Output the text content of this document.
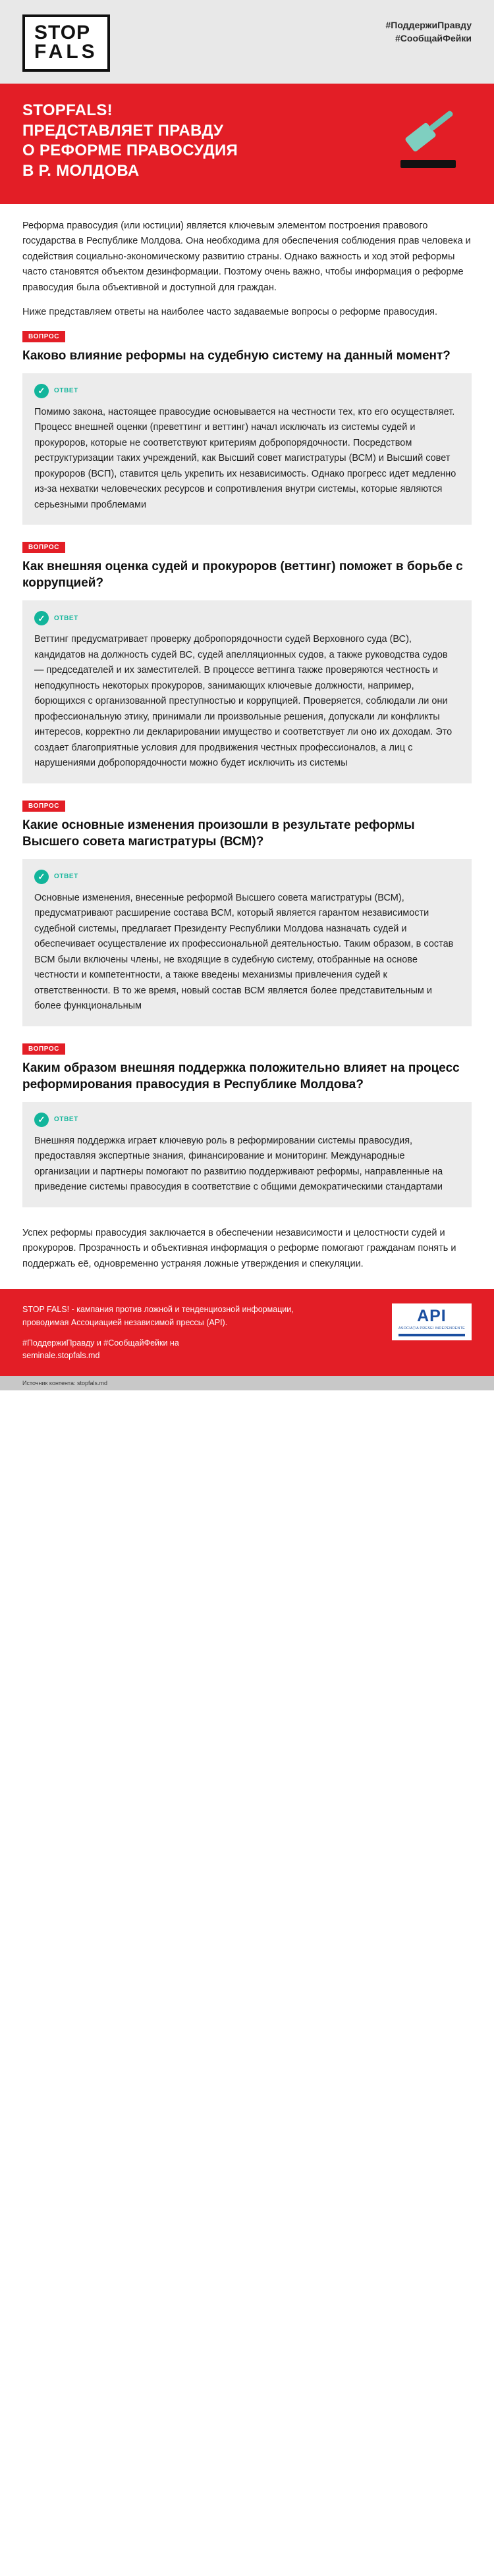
STOP
FALS
#ПоддержиПравду
#СообщайФейки
STOPFALS!
ПРЕДСТАВЛЯЕТ ПРАВДУ
О РЕФОРМЕ ПРАВОСУДИЯ
В Р. МОЛДОВА

Реформа правосудия (или юстиции) является ключевым элементом построения правового государства в Республике Молдова. Она необходима для обеспечения соблюдения прав человека и содействия социально-экономическому развитию страны. Однако важность и ход этой реформы часто становятся объектом дезинформации. Поэтому очень важно, чтобы информация о реформе правосудия была объективной и доступной для граждан.

Ниже представляем ответы на наиболее часто задаваемые вопросы о реформе правосудия.

ВОПРОС
Каково влияние реформы на судебную систему на данный момент?
✓	ОТВЕТ
Помимо закона, настоящее правосудие основывается на честности тех, кто его осуществляет. Процесс внешней оценки (преветтинг и веттинг) начал исключать из системы судей и прокуроров, которые не соответствуют критериям добропорядочности. Посредством реструктуризации таких учреждений, как Высший совет магистратуры (ВСМ) и Высший совет прокуроров (ВСП), ставится цель укрепить их независимость. Однако прогресс идет медленно из-за нехватки человеческих ресурсов и сопротивления внутри системы, которые являются серьезными проблемами
ВОПРОС
Как внешняя оценка судей и прокуроров (веттинг) поможет в борьбе с коррупцией?
✓	ОТВЕТ
Веттинг предусматривает проверку добропорядочности судей Верховного суда (ВС), кандидатов на должность судей ВС, судей апелляционных судов, а также руководства судов — председателей и их заместителей. В процессе веттинга также проверяются честность и неподкупность некоторых прокуроров, занимающих ключевые должности, например, борющихся с организованной преступностью и коррупцией. Проверяется, соблюдали ли они профессиональную этику, принимали ли произвольные решения, допускали ли конфликты интересов, корректно ли декларировании имущество и соответствует ли оно их доходам. Это создает благоприятные условия для продвижения честных профессионалов, а лиц с нарушениями добропорядочности можно будет исключить из системы
ВОПРОС
Какие основные изменения произошли в результате реформы Высшего совета магистратуры (ВСМ)?
✓	ОТВЕТ
Основные изменения, внесенные реформой Высшего совета магистратуры (ВСМ), предусматривают расширение состава ВСМ, который является гарантом независимости судебной системы, предлагает Президенту Республики Молдова назначать судей и обеспечивает осуществление их профессиональной деятельностью. Таким образом, в состав ВСМ были включены члены, не входящие в судебную систему, отобранные на основе честности и компетентности, а также введены механизмы привлечения судей к ответственности. В то же время, новый состав ВСМ является более представительным и более функциональным
ВОПРОС
Каким образом внешняя поддержка положительно влияет на процесс реформирования правосудия в Республике Молдова?
✓	ОТВЕТ
Внешняя поддержка играет ключевую роль в реформировании системы правосудия, предоставляя экспертные знания, финансирование и мониторинг. Международные организации и партнеры помогают по развитию поддерживают реформы, направленные на приведение системы правосудия в соответствие с общими демократическими стандартами
Успех реформы правосудия заключается в обеспечении независимости и целостности судей и прокуроров. Прозрачность и объективная информация о реформе помогают гражданам понять и поддержать её, одновременно устраняя ложные утверждения и спекуляции.
STOP FALS! - кампания против ложной и тенденциозной информации, проводимая Ассоциацией независимой прессы (API).
#ПоддержиПравду и #СообщайФейки на
seminale.stopfals.md
API
ASOCIAȚIA PRESEI INDEPENDENTE
Источник контента: stopfals.md
